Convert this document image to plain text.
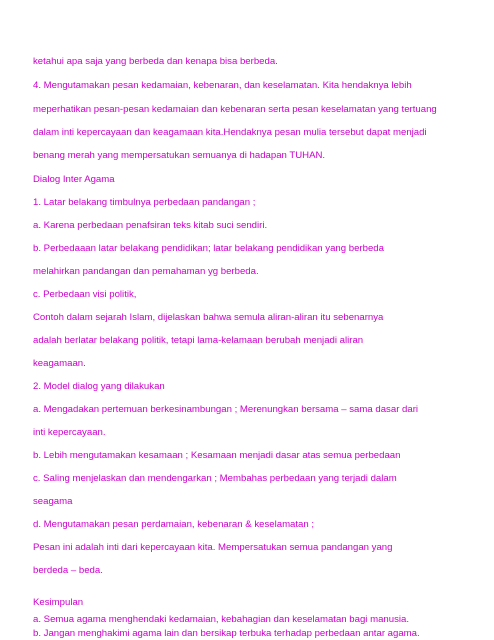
ketahui apa saja yang berbeda dan kenapa bisa berbeda.
4. Mengutamakan pesan kedamaian, kebenaran, dan keselamatan. Kita hendaknya lebih
meperhatikan pesan-pesan kedamaian dan kebenaran serta pesan keselamatan yang tertuang
dalam inti kepercayaan dan keagamaan kita.Hendaknya pesan mulia tersebut dapat menjadi
benang merah yang mempersatukan semuanya di hadapan TUHAN.
Dialog Inter Agama
1. Latar belakang timbulnya perbedaan pandangan ;
a. Karena perbedaan penafsiran teks kitab suci sendiri.
b. Perbedaaan latar belakang pendidikan; latar belakang pendidikan yang berbeda
melahirkan pandangan dan pemahaman yg berbeda.
c. Perbedaan visi politik,
Contoh dalam sejarah Islam, dijelaskan bahwa semula aliran-aliran itu sebenarnya
adalah berlatar belakang politik, tetapi lama-kelamaan berubah menjadi aliran
keagamaan.
2. Model dialog yang dilakukan
a. Mengadakan pertemuan berkesinambungan ; Merenungkan bersama – sama dasar dari
inti kepercayaan.
b. Lebih mengutamakan kesamaan ; Kesamaan menjadi dasar atas semua perbedaan
c. Saling menjelaskan dan mendengarkan ; Membahas perbedaan yang terjadi dalam
seagama
d. Mengutamakan pesan perdamaian, kebenaran & keselamatan ;
Pesan ini adalah inti dari kepercayaan kita. Mempersatukan semua pandangan yang
berdeda – beda.
Kesimpulan
a. Semua agama menghendaki kedamaian, kebahagian dan keselamatan bagi manusia.
b. Jangan menghakimi agama lain dan bersikap terbuka terhadap perbedaan antar agama.
